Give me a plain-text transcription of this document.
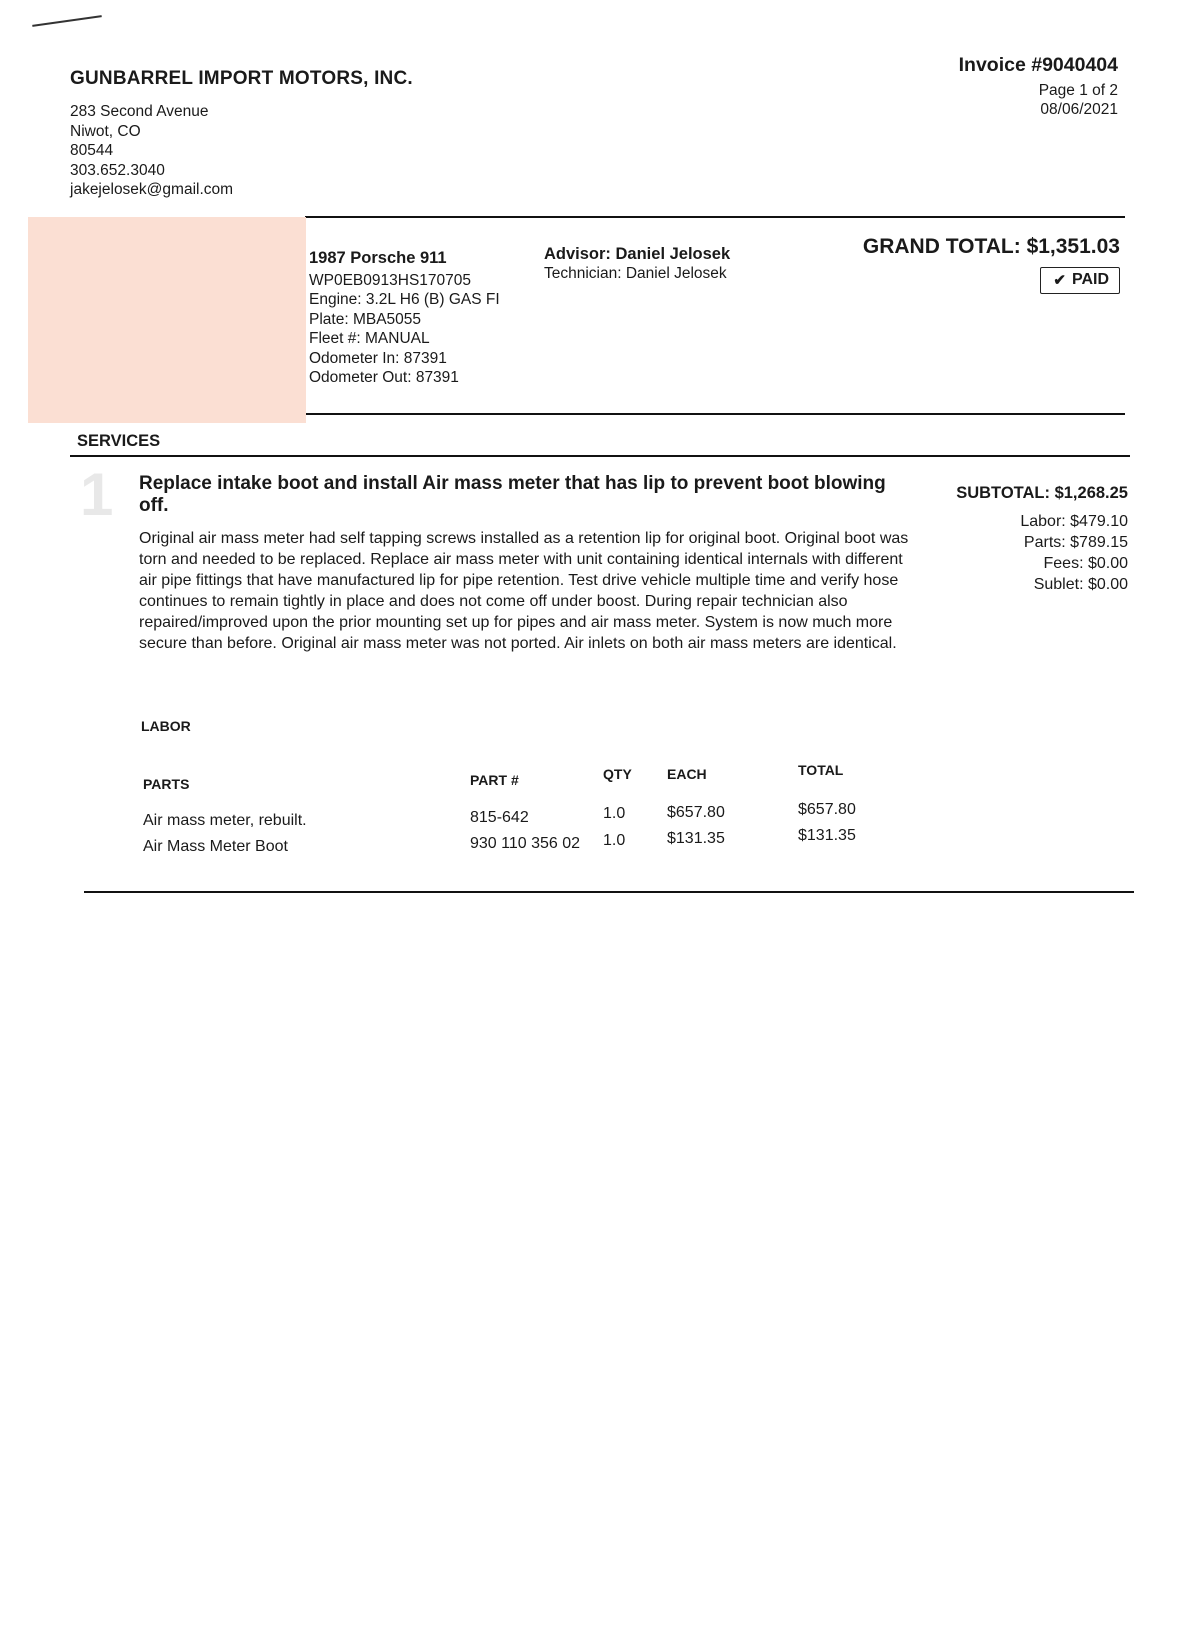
GUNBARREL IMPORT MOTORS, INC.
283 Second Avenue
Niwot, CO
80544
303.652.3040
jakejelosek@gmail.com
Invoice #9040404
Page 1 of 2
08/06/2021
1987 Porsche 911
WP0EB0913HS170705
Engine: 3.2L H6 (B) GAS FI
Plate: MBA5055
Fleet #: MANUAL
Odometer In: 87391
Odometer Out: 87391
Advisor: Daniel Jelosek
Technician: Daniel Jelosek
GRAND TOTAL: $1,351.03
✔ PAID
SERVICES
1 Replace intake boot and install Air mass meter that has lip to prevent boot blowing off.
Original air mass meter had self tapping screws installed as a retention lip for original boot. Original boot was torn and needed to be replaced. Replace air mass meter with unit containing identical internals with different air pipe fittings that have manufactured lip for pipe retention. Test drive vehicle multiple time and verify hose continues to remain tightly in place and does not come off under boost. During repair technician also repaired/improved upon the prior mounting set up for pipes and air mass meter. System is now much more secure than before. Original air mass meter was not ported. Air inlets on both air mass meters are identical.
SUBTOTAL: $1,268.25
Labor: $479.10
Parts: $789.15
Fees: $0.00
Sublet: $0.00
LABOR
PARTS	PART #	QTY	EACH	TOTAL
Air mass meter, rebuilt.	815-642	1.0	$657.80	$657.80
Air Mass Meter Boot	930 110 356 02	1.0	$131.35	$131.35
